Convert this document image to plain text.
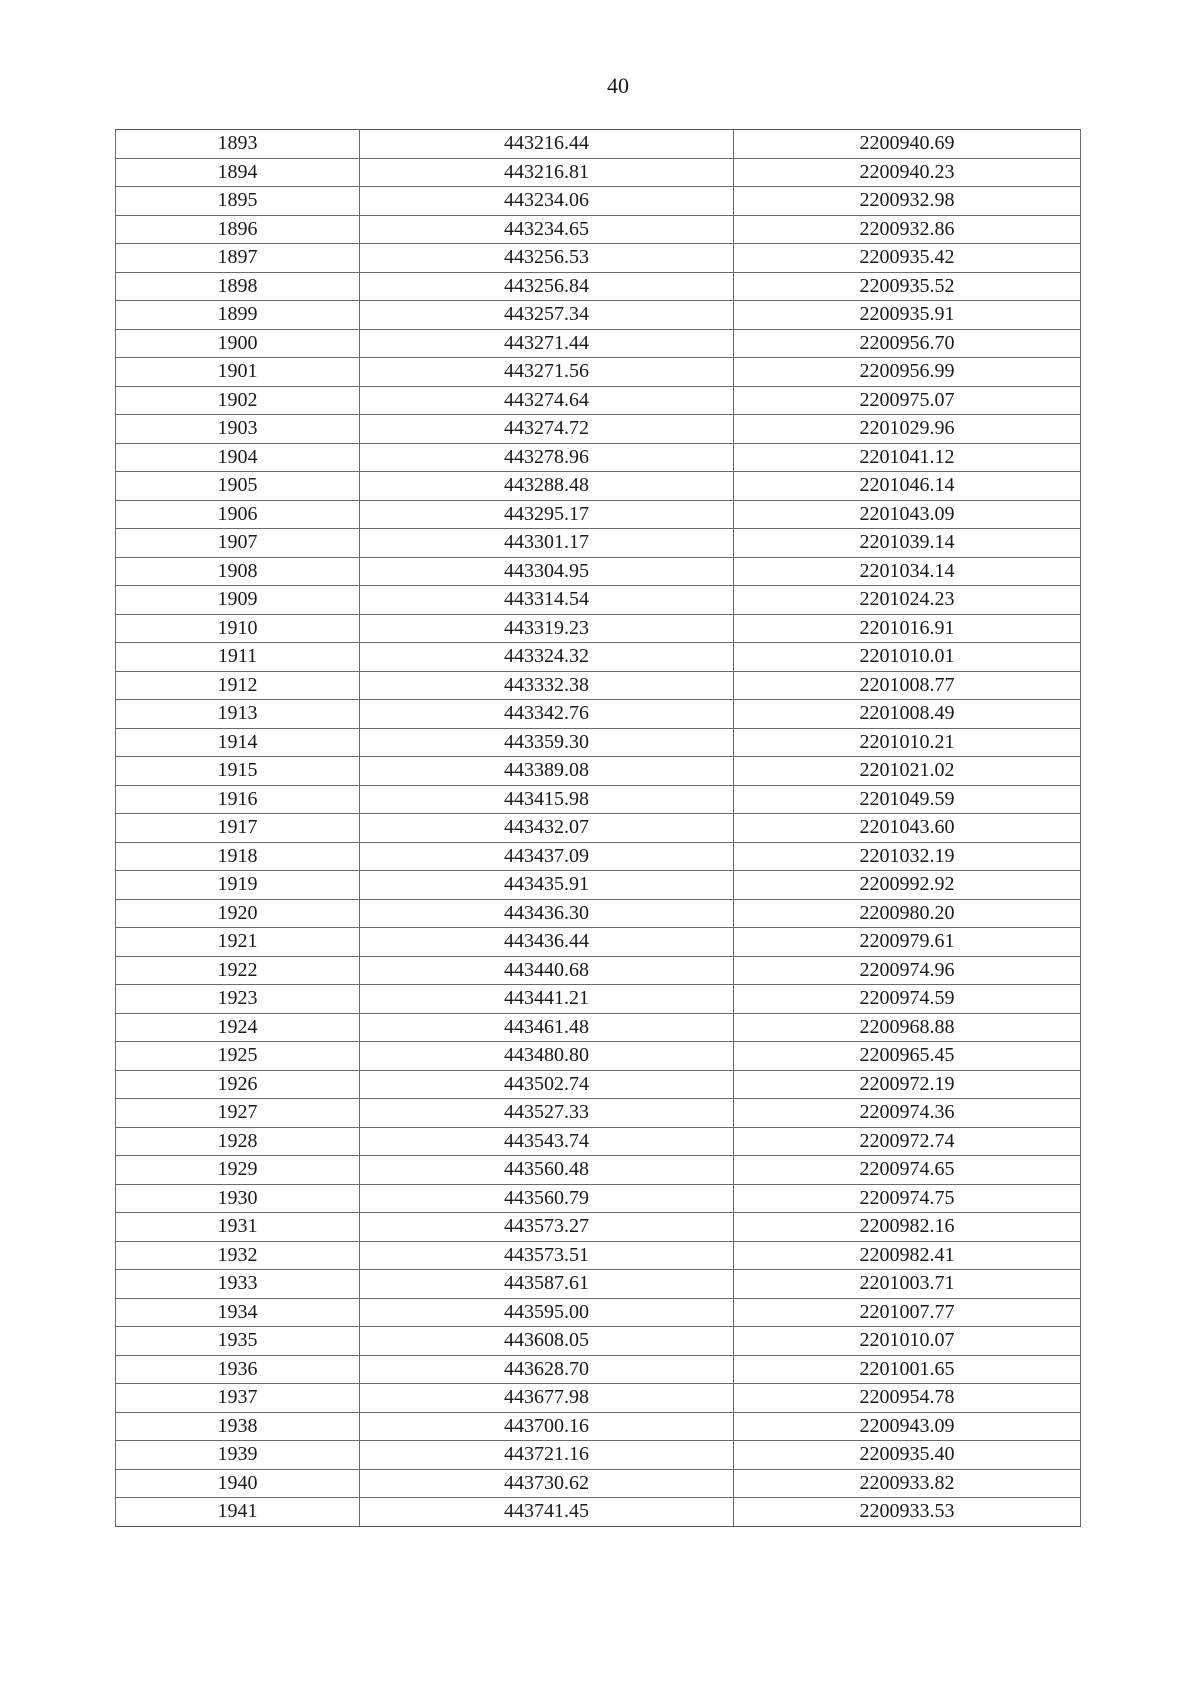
40
1893	443216.44	2200940.69
1894	443216.81	2200940.23
1895	443234.06	2200932.98
1896	443234.65	2200932.86
1897	443256.53	2200935.42
1898	443256.84	2200935.52
1899	443257.34	2200935.91
1900	443271.44	2200956.70
1901	443271.56	2200956.99
1902	443274.64	2200975.07
1903	443274.72	2201029.96
1904	443278.96	2201041.12
1905	443288.48	2201046.14
1906	443295.17	2201043.09
1907	443301.17	2201039.14
1908	443304.95	2201034.14
1909	443314.54	2201024.23
1910	443319.23	2201016.91
1911	443324.32	2201010.01
1912	443332.38	2201008.77
1913	443342.76	2201008.49
1914	443359.30	2201010.21
1915	443389.08	2201021.02
1916	443415.98	2201049.59
1917	443432.07	2201043.60
1918	443437.09	2201032.19
1919	443435.91	2200992.92
1920	443436.30	2200980.20
1921	443436.44	2200979.61
1922	443440.68	2200974.96
1923	443441.21	2200974.59
1924	443461.48	2200968.88
1925	443480.80	2200965.45
1926	443502.74	2200972.19
1927	443527.33	2200974.36
1928	443543.74	2200972.74
1929	443560.48	2200974.65
1930	443560.79	2200974.75
1931	443573.27	2200982.16
1932	443573.51	2200982.41
1933	443587.61	2201003.71
1934	443595.00	2201007.77
1935	443608.05	2201010.07
1936	443628.70	2201001.65
1937	443677.98	2200954.78
1938	443700.16	2200943.09
1939	443721.16	2200935.40
1940	443730.62	2200933.82
1941	443741.45	2200933.53
